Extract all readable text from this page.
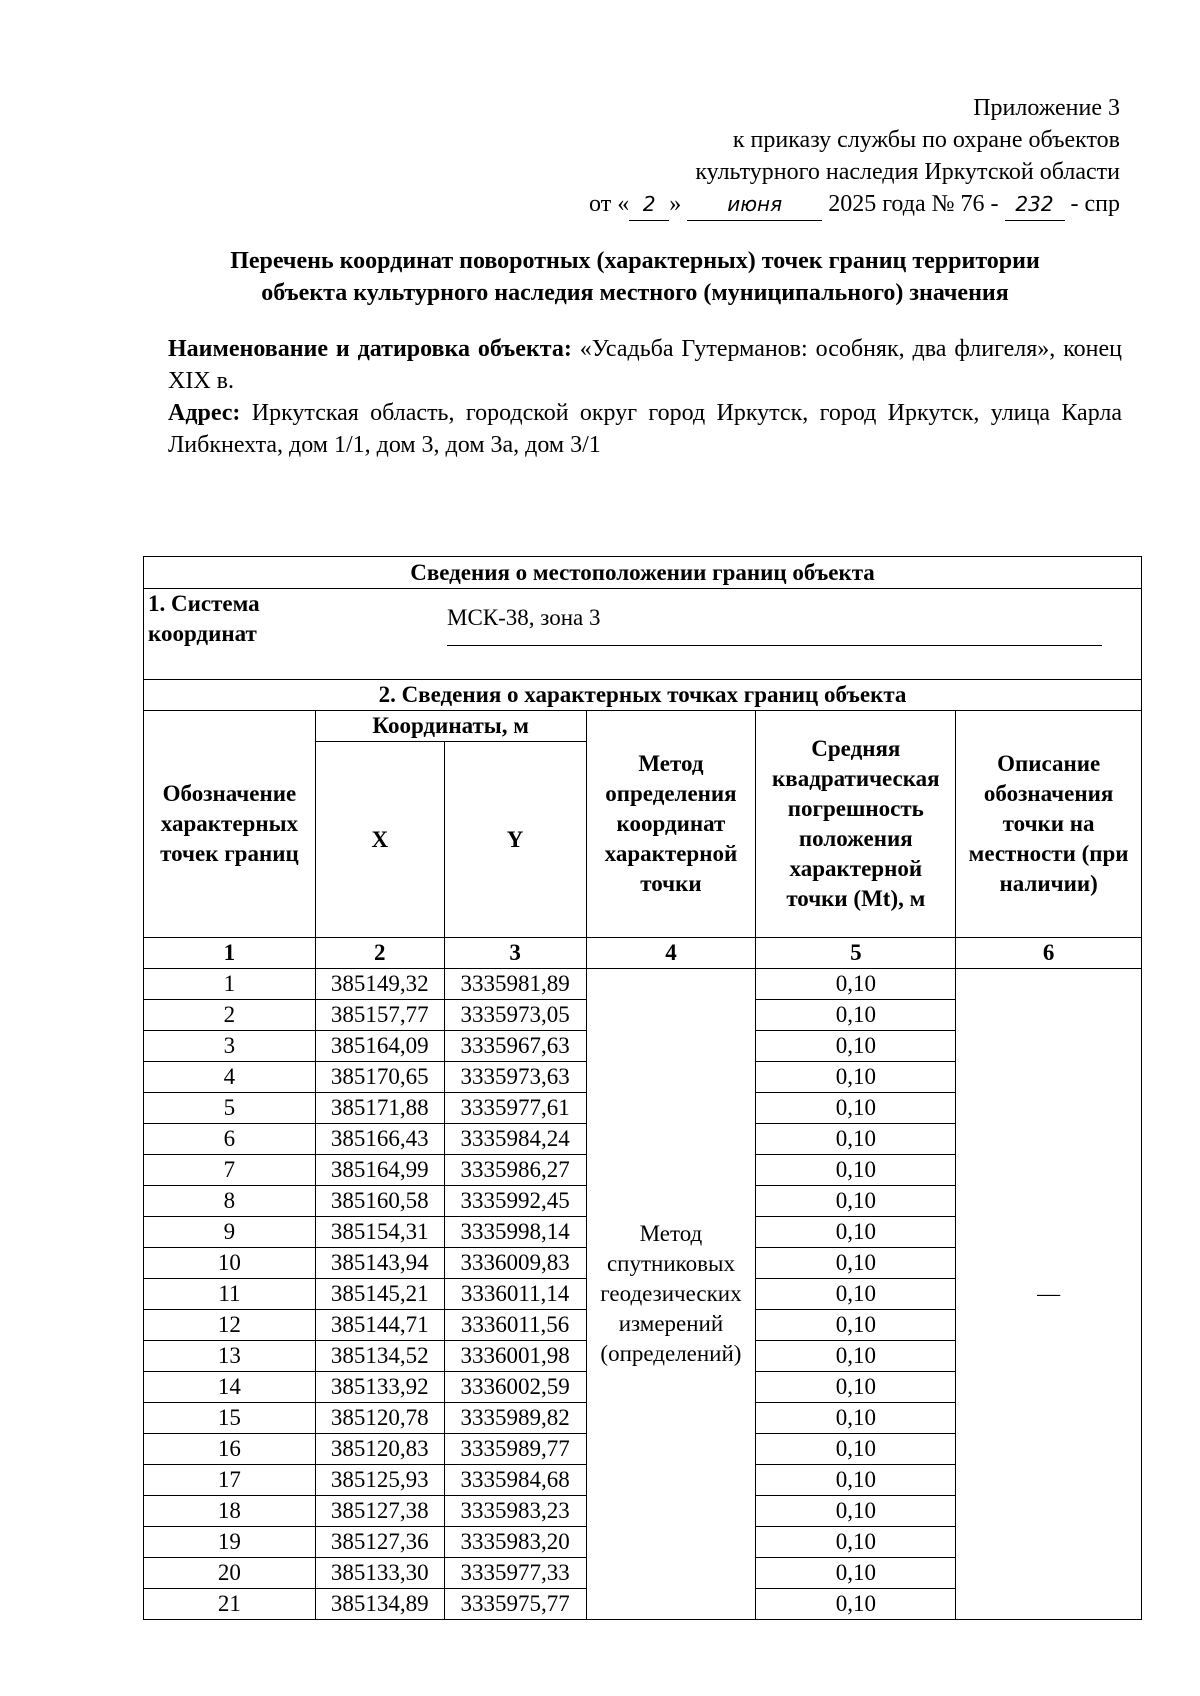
Приложение 3
к приказу службы по охране объектов
культурного наследия Иркутской области
от « 2 » июня 2025 года № 76 - 232 - спр
Перечень координат поворотных (характерных) точек границ территории
объекта культурного наследия местного (муниципального) значения
Наименование и датировка объекта: «Усадьба Гутерманов: особняк, два флигеля», конец XIX в.
Адрес: Иркутская область, городской округ город Иркутск, город Иркутск, улица Карла Либкнехта, дом 1/1, дом 3, дом 3а, дом 3/1
Сведения о местоположении границ объекта					

1. Система координат
МСК-38, зона 3					

2. Сведения о характерных точках границ объекта					
Обозначение характерных точек границ	Координаты, м		Метод определения координат характерной точки	Средняя квадратическая погрешность положения характерной точки (Mt), м	Описание обозначения точки на местности (при наличии)
	X	Y			
1	2	3	4	5	6
1	385149,32	3335981,89	Метод спутниковых геодезических измерений (определений)	0,10	—
2	385157,77	3335973,05		0,10	
3	385164,09	3335967,63		0,10	
4	385170,65	3335973,63		0,10	
5	385171,88	3335977,61		0,10	
6	385166,43	3335984,24		0,10	
7	385164,99	3335986,27		0,10	
8	385160,58	3335992,45		0,10	
9	385154,31	3335998,14		0,10	
10	385143,94	3336009,83		0,10	
11	385145,21	3336011,14		0,10	
12	385144,71	3336011,56		0,10	
13	385134,52	3336001,98		0,10	
14	385133,92	3336002,59		0,10	
15	385120,78	3335989,82		0,10	
16	385120,83	3335989,77		0,10	
17	385125,93	3335984,68		0,10	
18	385127,38	3335983,23		0,10	
19	385127,36	3335983,20		0,10	
20	385133,30	3335977,33		0,10	
21	385134,89	3335975,77		0,10	
